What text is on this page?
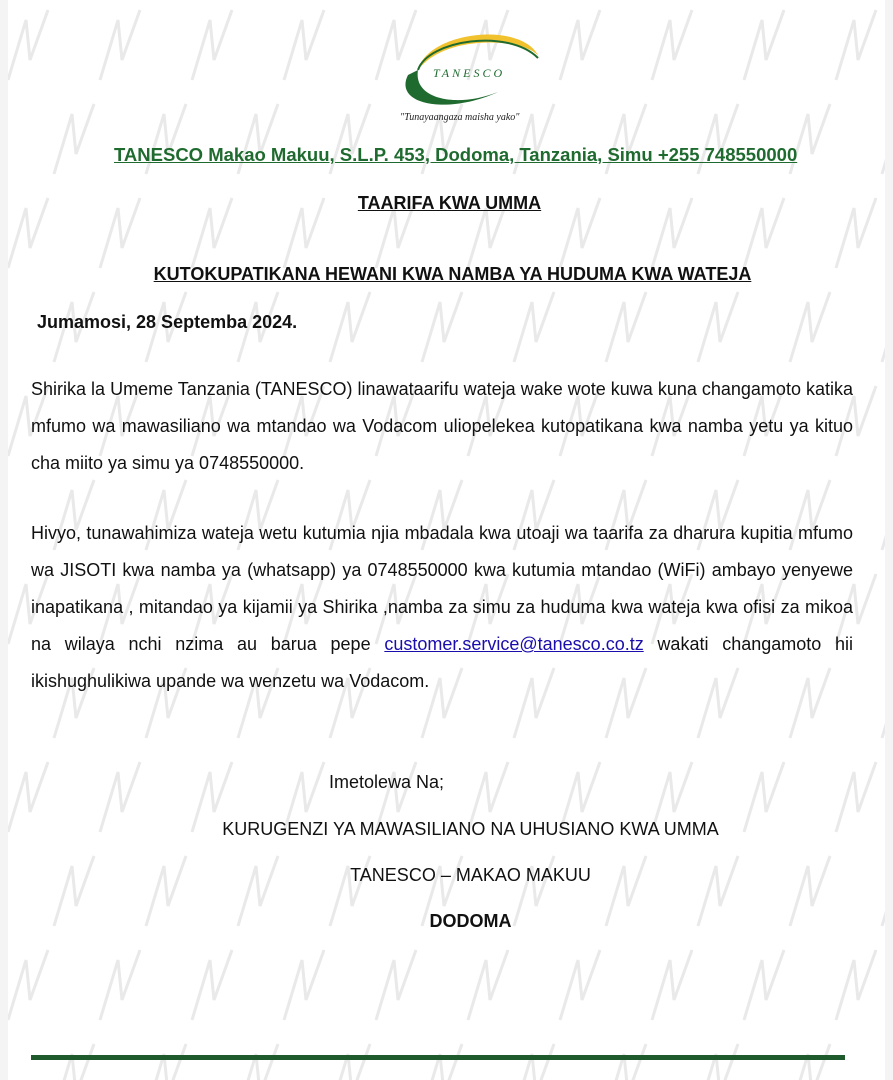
TANESCO
"Tunayaangaza maisha yako"
TANESCO Makao Makuu, S.L.P. 453, Dodoma, Tanzania, Simu +255 748550000
TAARIFA KWA UMMA
KUTOKUPATIKANA HEWANI KWA NAMBA YA HUDUMA KWA WATEJA
Jumamosi, 28 Septemba 2024.
Shirika la Umeme Tanzania (TANESCO) linawataarifu wateja wake wote kuwa kuna changamoto katika mfumo wa mawasiliano wa mtandao wa Vodacom uliopelekea kutopatikana kwa namba yetu ya kituo cha miito ya simu ya 0748550000.
Hivyo, tunawahimiza wateja wetu kutumia njia mbadala kwa utoaji wa taarifa za dharura kupitia mfumo wa JISOTI kwa namba ya (whatsapp) ya 0748550000 kwa kutumia mtandao (WiFi) ambayo yenyewe inapatikana , mitandao ya kijamii ya Shirika ,namba za simu za huduma kwa wateja kwa ofisi za mikoa na wilaya nchi nzima au barua pepe customer.service@tanesco.co.tz wakati changamoto hii ikishughulikiwa upande wa wenzetu wa Vodacom.
Imetolewa Na;
KURUGENZI YA MAWASILIANO NA UHUSIANO KWA UMMA
TANESCO – MAKAO MAKUU
DODOMA
